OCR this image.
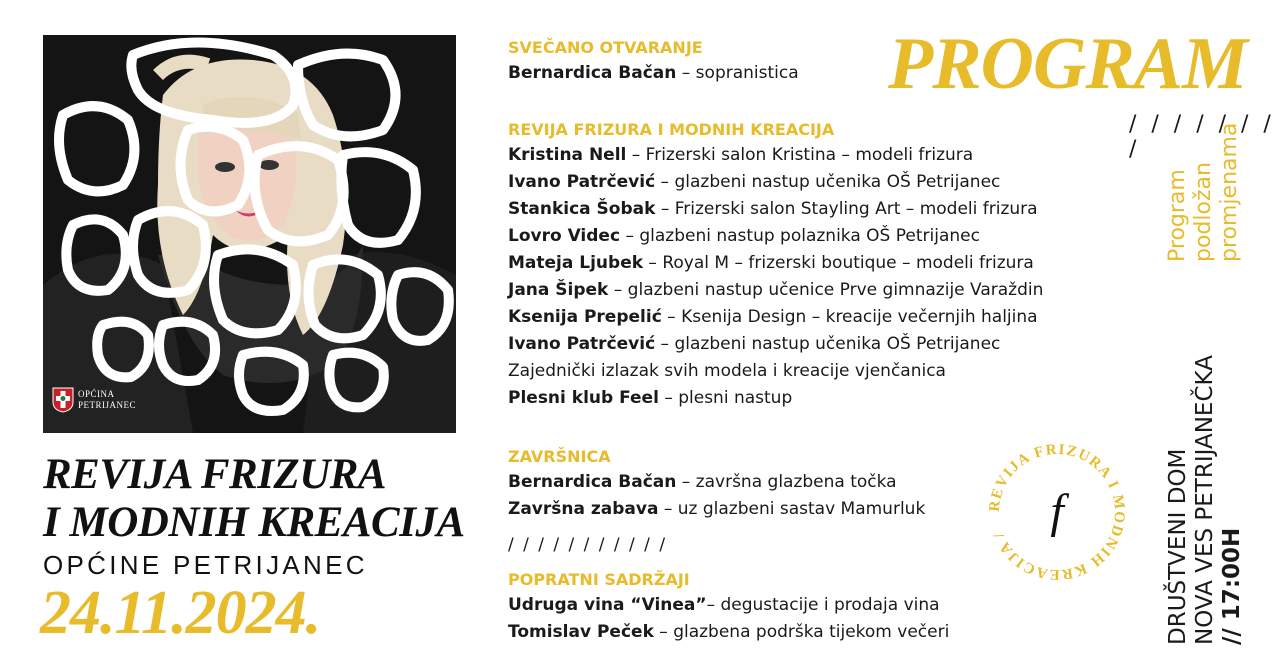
OPĆINA
PETRIJANEC
REVIJA FRIZURA
I MODNIH KREACIJA
OPĆINE PETRIJANEC
24.11.2024.
SVEČANO OTVARANJE
Bernardica Bačan – sopranistica
REVIJA FRIZURA I MODNIH KREACIJA
Kristina Nell – Frizerski salon Kristina – modeli frizura
Ivano Patrčević – glazbeni nastup učenika OŠ Petrijanec
Stankica Šobak – Frizerski salon Stayling Art – modeli frizura
Lovro Videc – glazbeni nastup polaznika OŠ Petrijanec
Mateja Ljubek – Royal M – frizerski boutique – modeli frizura
Jana Šipek – glazbeni nastup učenice Prve gimnazije Varaždin
Ksenija Prepelić – Ksenija Design – kreacije večernjih haljina
Ivano Patrčević – glazbeni nastup učenika OŠ Petrijanec
Zajednički izlazak svih modela i kreacije vjenčanica
Plesni klub Feel – plesni nastup
ZAVRŠNICA
Bernardica Bačan – završna glazbena točka
Završna zabava – uz glazbeni sastav Mamurluk
/ / / / / / / / / / /
POPRATNI SADRŽAJI
Udruga vina “Vinea”– degustacije i prodaja vina
Tomislav Peček – glazbena podrška tijekom večeri
PROGRAM
/ / / / / / / /
Program podložan promjenama
DRUŠTVENI DOM NOVA VES PETRIJANEČKA // 17:00H
REVIJA FRIZURA I MODNIH KREACIJA / f
